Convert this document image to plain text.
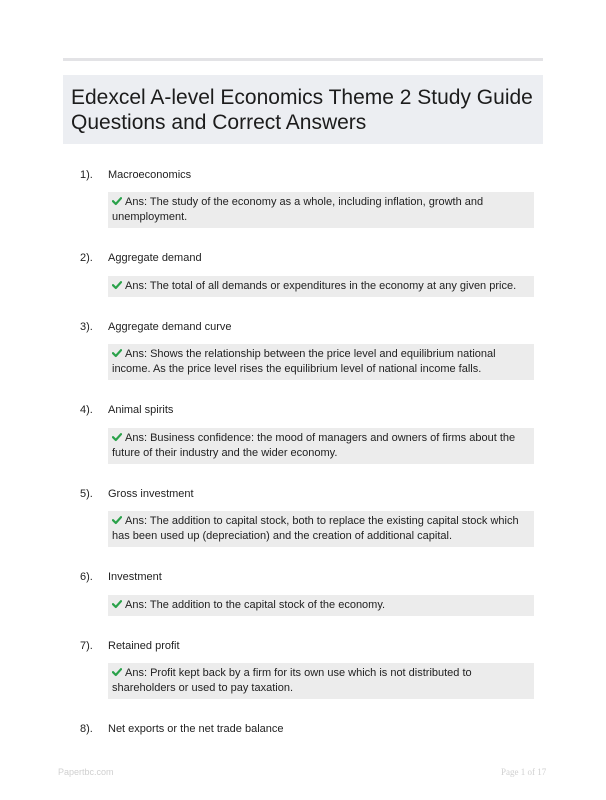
Edexcel A-level Economics Theme 2 Study Guide Questions and Correct Answers
1). Macroeconomics
Ans: The study of the economy as a whole, including inflation, growth and unemployment.
2). Aggregate demand
Ans: The total of all demands or expenditures in the economy at any given price.
3). Aggregate demand curve
Ans: Shows the relationship between the price level and equilibrium national income. As the price level rises the equilibrium level of national income falls.
4). Animal spirits
Ans: Business confidence: the mood of managers and owners of firms about the future of their industry and the wider economy.
5). Gross investment
Ans: The addition to capital stock, both to replace the existing capital stock which has been used up (depreciation) and the creation of additional capital.
6). Investment
Ans: The addition to the capital stock of the economy.
7). Retained profit
Ans: Profit kept back by a firm for its own use which is not distributed to shareholders or used to pay taxation.
8). Net exports or the net trade balance
Papertbc.com	Page 1 of 17
